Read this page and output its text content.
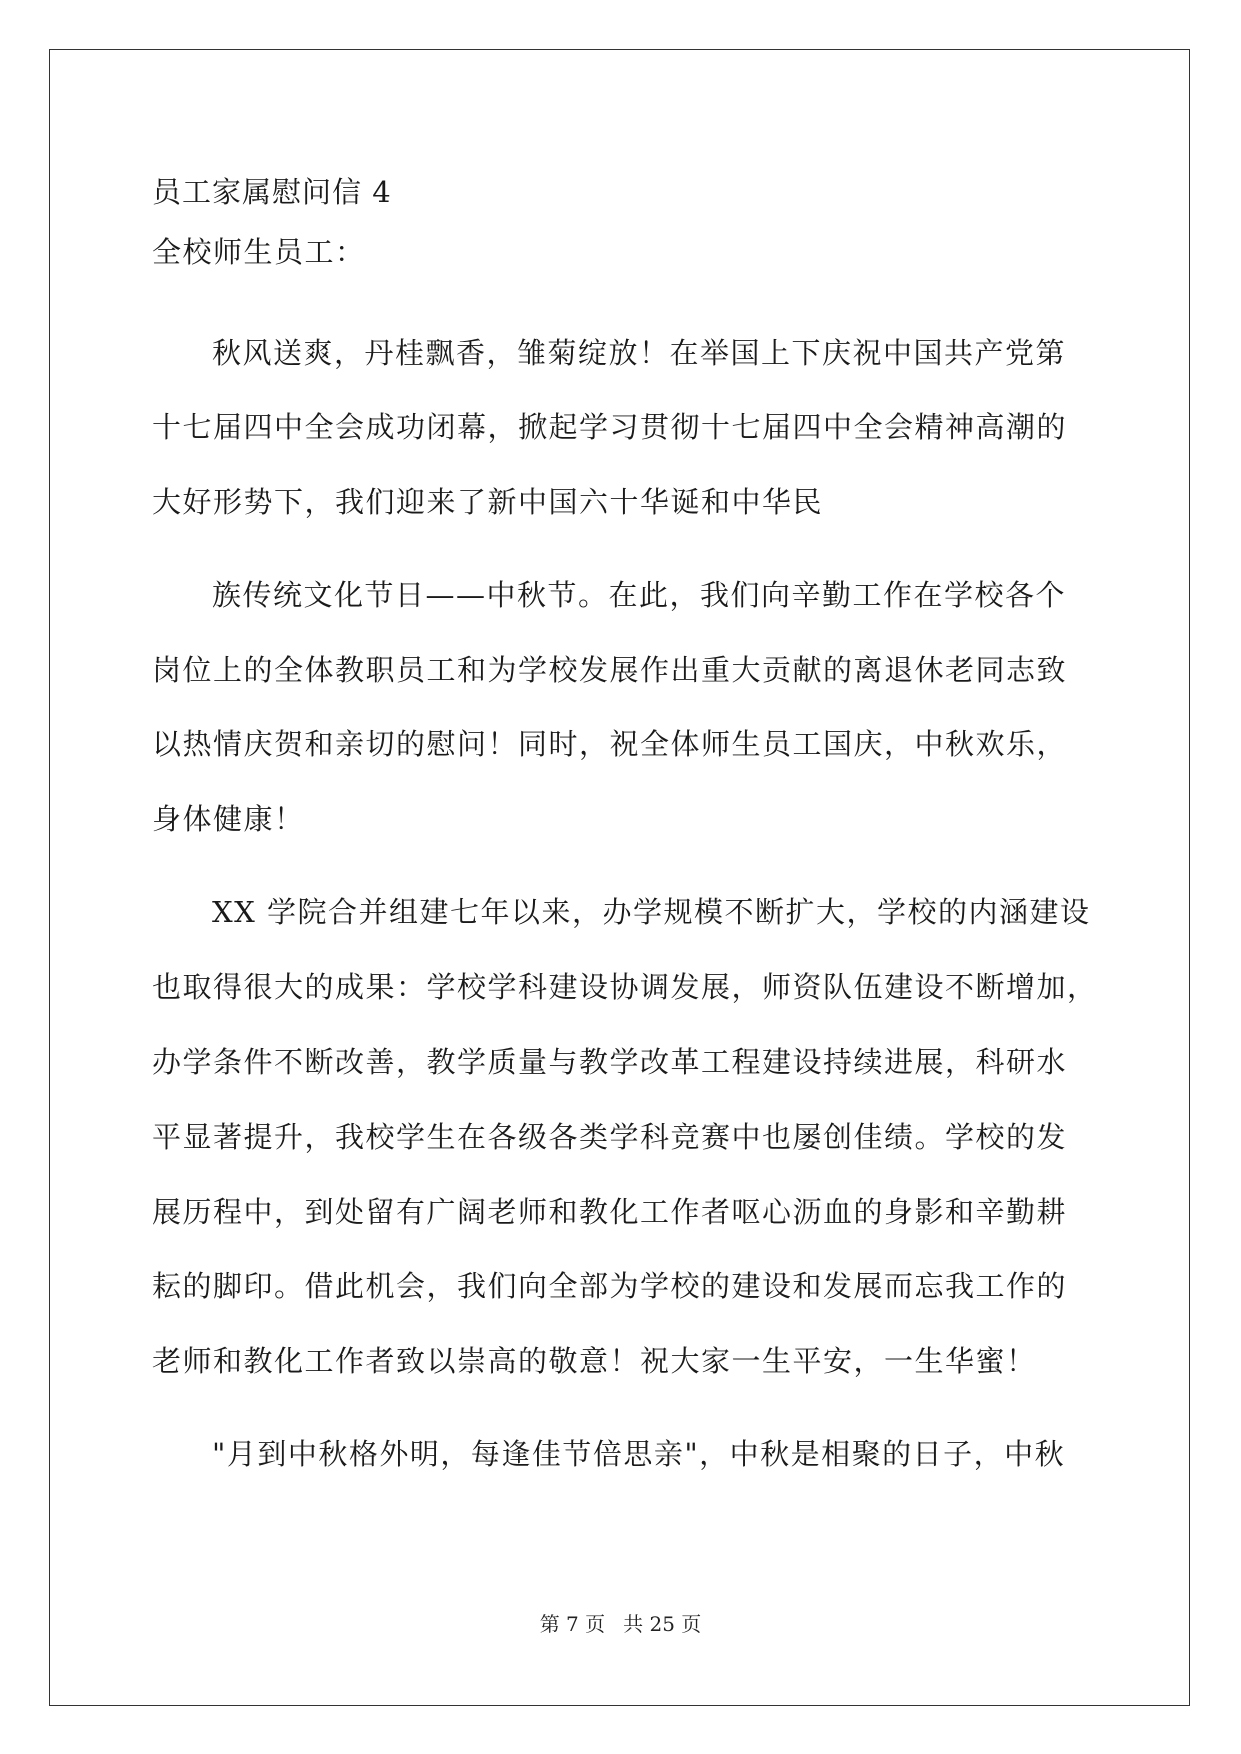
员工家属慰问信 4
全校师生员工：
秋风送爽，丹桂飘香，雏菊绽放！在举国上下庆祝中国共产党第
十七届四中全会成功闭幕，掀起学习贯彻十七届四中全会精神高潮的
大好形势下，我们迎来了新中国六十华诞和中华民
族传统文化节日——中秋节。在此，我们向辛勤工作在学校各个
岗位上的全体教职员工和为学校发展作出重大贡献的离退休老同志致
以热情庆贺和亲切的慰问！同时，祝全体师生员工国庆，中秋欢乐，
身体健康！
XX 学院合并组建七年以来，办学规模不断扩大，学校的内涵建设
也取得很大的成果：学校学科建设协调发展，师资队伍建设不断增加，
办学条件不断改善，教学质量与教学改革工程建设持续进展，科研水
平显著提升，我校学生在各级各类学科竞赛中也屡创佳绩。学校的发
展历程中，到处留有广阔老师和教化工作者呕心沥血的身影和辛勤耕
耘的脚印。借此机会，我们向全部为学校的建设和发展而忘我工作的
老师和教化工作者致以崇高的敬意！祝大家一生平安，一生华蜜！
"月到中秋格外明，每逢佳节倍思亲"，中秋是相聚的日子，中秋
第 7 页 共 25 页
